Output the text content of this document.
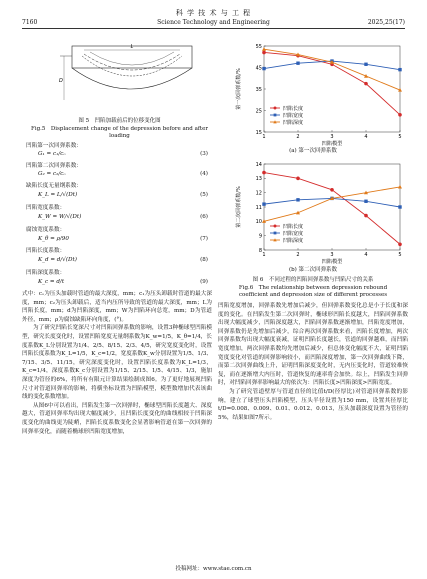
7160
科 学 技 术 与 工 程
Science Technology and Engineering	2025,25(17)
L
D
图 5　凹陷加载前后的位移变化图
Fig.5　Displacement change of the depression before and after loading
凹陷第一次回弹系数：
G₁ = c₁/cₒ	(3)
凹陷第二次回弹系数：
G₂ = c₂/cₒ	(4)
缺陷长度无量纲系数：
K_L = L/√(Dt)	(5)
凹陷宽度系数：
K_W = W/√(Dt)	(6)
腐蚀宽度系数：
K_θ = ρ/90	(7)
凹陷长度系数：
K_d = d/√(Dt)	(8)
凹陷深度系数：
K_c = d/t	(9)

式中：cₒ为压头加载时管道的最大深度，mm；c₁为压头卸载时管道的最大深度，mm；c₂为压头卸载后，适当内压所导致的管道的最大深度，mm；L为凹陷长度，mm；d为凹陷深度，mm；W为凹陷环向总宽，mm；D为管道外径，mm；ρ为腐蚀缺陷环向角度，(°)。

为了研究凹陷长宽深尺寸对凹陷回弹系数的影响，设置3种椭球型凹陷模型，研究长度变化时，设置凹陷宽度无量纲系数为K_w=1/5，K_θ=1/4，长度系数K_L分别设置为1/4、2/5、8/15、2/3、4/5，研究宽度变化时，设置凹陷长度系数为K_L=1/5，K_c=1/2，宽度系数K_w分别设置为1/5、1/3、7/15、3/5、11/15，研究深度变化时，设置凹陷长度系数为K_L=1/3，K_c=1/4，深度系数K_c分别设置为1/15、2/15、1/5、4/15、1/3，施加深度为管径的6%，将所有有限元计算结果绘制成图6。为了更好地展现凹陷尺寸对管道回弹率的影响，将横坐标设置为凹陷模型，模型数增加代表该曲线的变化系数增加。

从图6中可以看出，凹陷发生第一次回弹时，椭球型凹陷长度越大、深度越大，管道回弹率均出现大幅度减少，且凹陷长度变化的曲线相较于凹陷深度变化的曲线更为陡峭，凹陷长度系数变化会显著影响管道在第一次回弹的回弹率变化，而随着椭球形凹陷宽度增加，

15
25
35
45
55
1	2	3	4	5
凹陷模型
第一次回弹系数/%	凹陷长度
凹陷宽度
凹陷深度
(a) 第一次回弹系数
8
9
10
11
12
13
14
1	2	3	4	5
凹陷模型
第二次回弹系数/%	凹陷长度
凹陷宽度
凹陷深度
(b) 第二次回弹系数
图 6　不同过程的凹陷回弹系数与凹陷尺寸的关系
Fig.6　The relationship between depression rebound
coefficient and depression size of different processes

凹陷宽度增加，回弹系数先增加后减少，但回弹系数变化总是小于长度和深度的变化。在凹陷发生第二次回弹时，椭球形凹陷长度越大，凹陷回弹系数出现大幅度减少，凹陷深度越大，凹陷回弹系数逐渐增加，凹陷宽度增加，回弹系数仍是先增加后减少，综合两次回弹系数来看，凹陷长度增加，两次回弹系数均出现大幅度衰减，证明凹陷长度越长，管道的回弹越难，而凹陷宽度增加，两次回弹系数均先增加后减少，但总体变化幅度不大，证明凹陷宽度变化对管道的回弹影响较小，而凹陷深度增加，第一次回弹曲线下降，而第二次回弹曲线上升，证明凹陷深度变化时，无内压变化时，管道较难恢复，而在逐渐增大内压时，管道恢复的速率将会加快。综上，凹陷发生回弹时，对凹陷回弹率影响最大的依次为：凹陷长度>凹陷深度>凹陷宽度。

为了研究管道壁厚与管道直径的比值t/D(径厚比)对管道回弹系数的影响，建立了球型压头凹陷模型，压头半径设置为150 mm，设置其径厚比t/D=0.008、0.009、0.01、0.012、0.013，压头加载深度设置为管径的5%，结果如图7所示。

投稿网址：www.stae.com.cn
